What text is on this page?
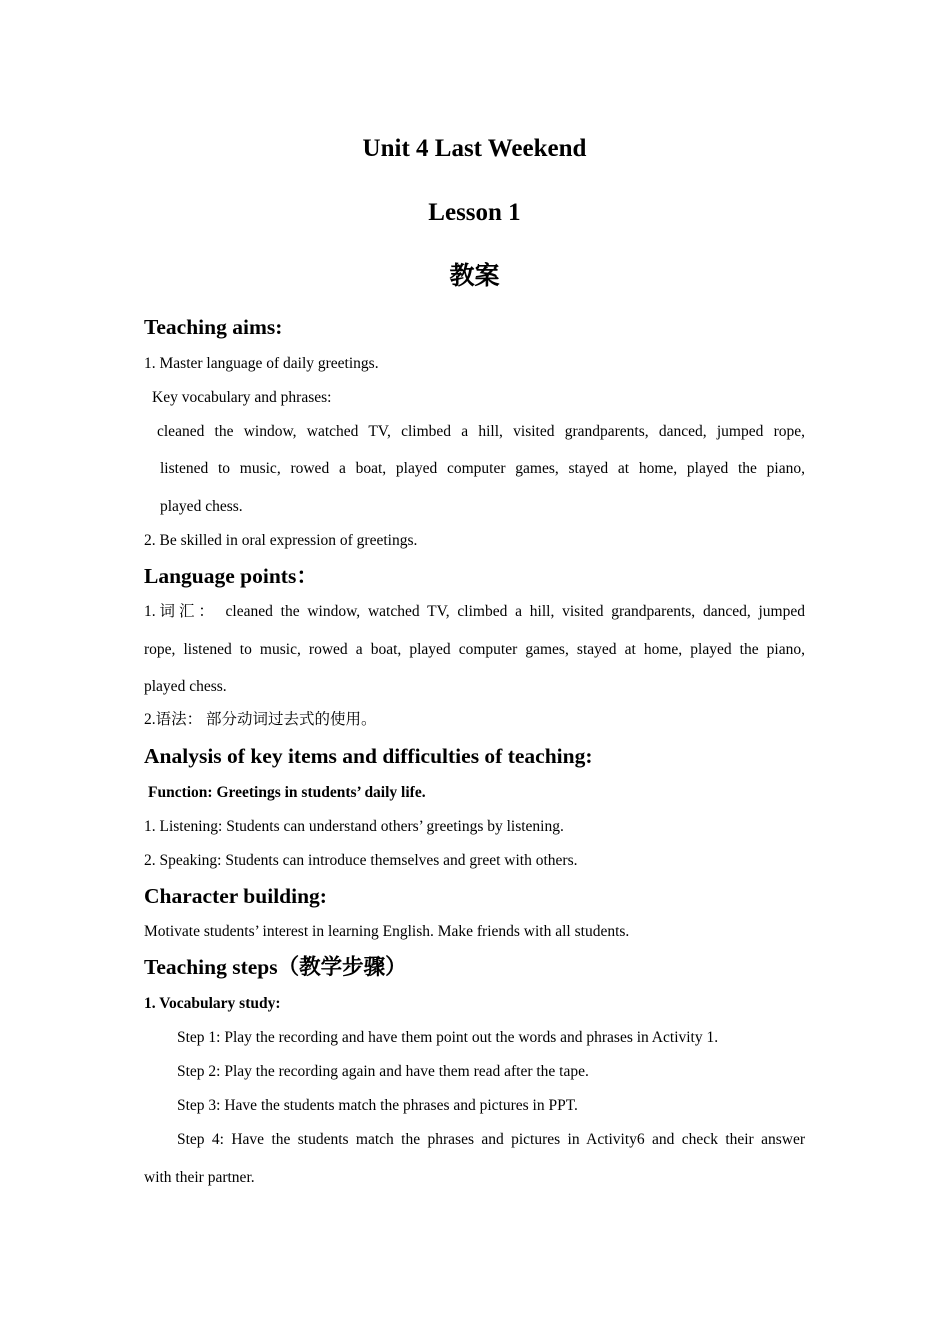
Unit 4 Last Weekend
Lesson 1
教案
Teaching aims:
1. Master language of daily greetings.
Key vocabulary and phrases:
cleaned the window, watched TV, climbed a hill, visited grandparents, danced, jumped rope,
listened to music, rowed a boat, played computer games, stayed at home, played the piano,
played chess.
2. Be skilled in oral expression of greetings.
Language points：
1.词汇： cleaned the window, watched TV, climbed a hill, visited grandparents, danced, jumped
rope, listened to music, rowed a boat, played computer games, stayed at home, played the piano,
played chess.
2.语法： 部分动词过去式的使用。
Analysis of key items and difficulties of teaching:
Function: Greetings in students’ daily life.
1. Listening: Students can understand others’ greetings by listening.
2. Speaking: Students can introduce themselves and greet with others.
Character building:
Motivate students’ interest in learning English. Make friends with all students.
Teaching steps（教学步骤）
1. Vocabulary study:
Step 1: Play the recording and have them point out the words and phrases in Activity 1.
Step 2: Play the recording again and have them read after the tape.
Step 3: Have the students match the phrases and pictures in PPT.
Step 4: Have the students match the phrases and pictures in Activity6 and check their answer
with their partner.
